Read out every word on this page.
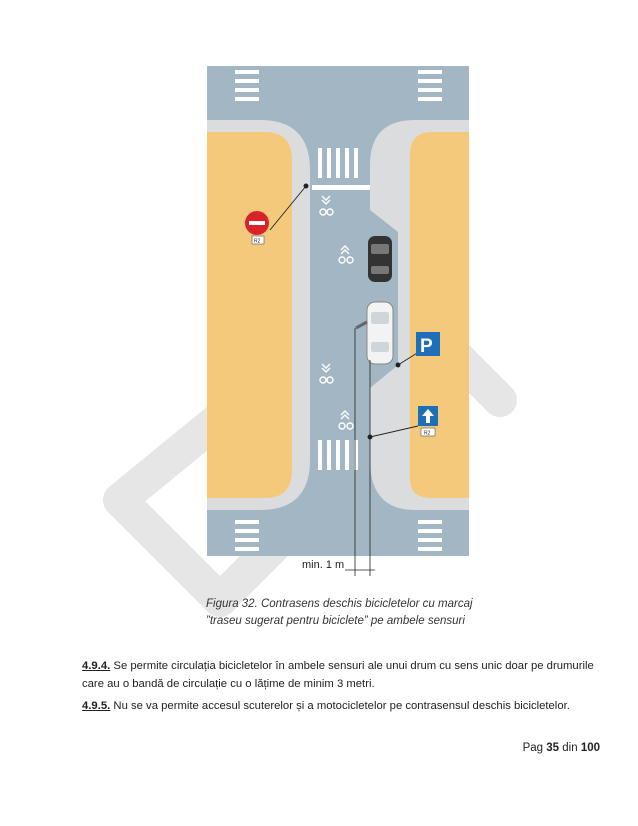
min. 1 m
R2
P
R2
Figura 32. Contrasens deschis bicicletelor cu marcaj
”traseu sugerat pentru biciclete” pe ambele sensuri
4.9.4. Se permite circulația bicicletelor în ambele sensuri ale unui drum cu sens unic doar pe drumurile care au o bandă de circulație cu o lățime de minim 3 metri.
4.9.5. Nu se va permite accesul scuterelor și a motocicletelor pe contrasensul deschis bicicletelor.
Pag 35 din 100
